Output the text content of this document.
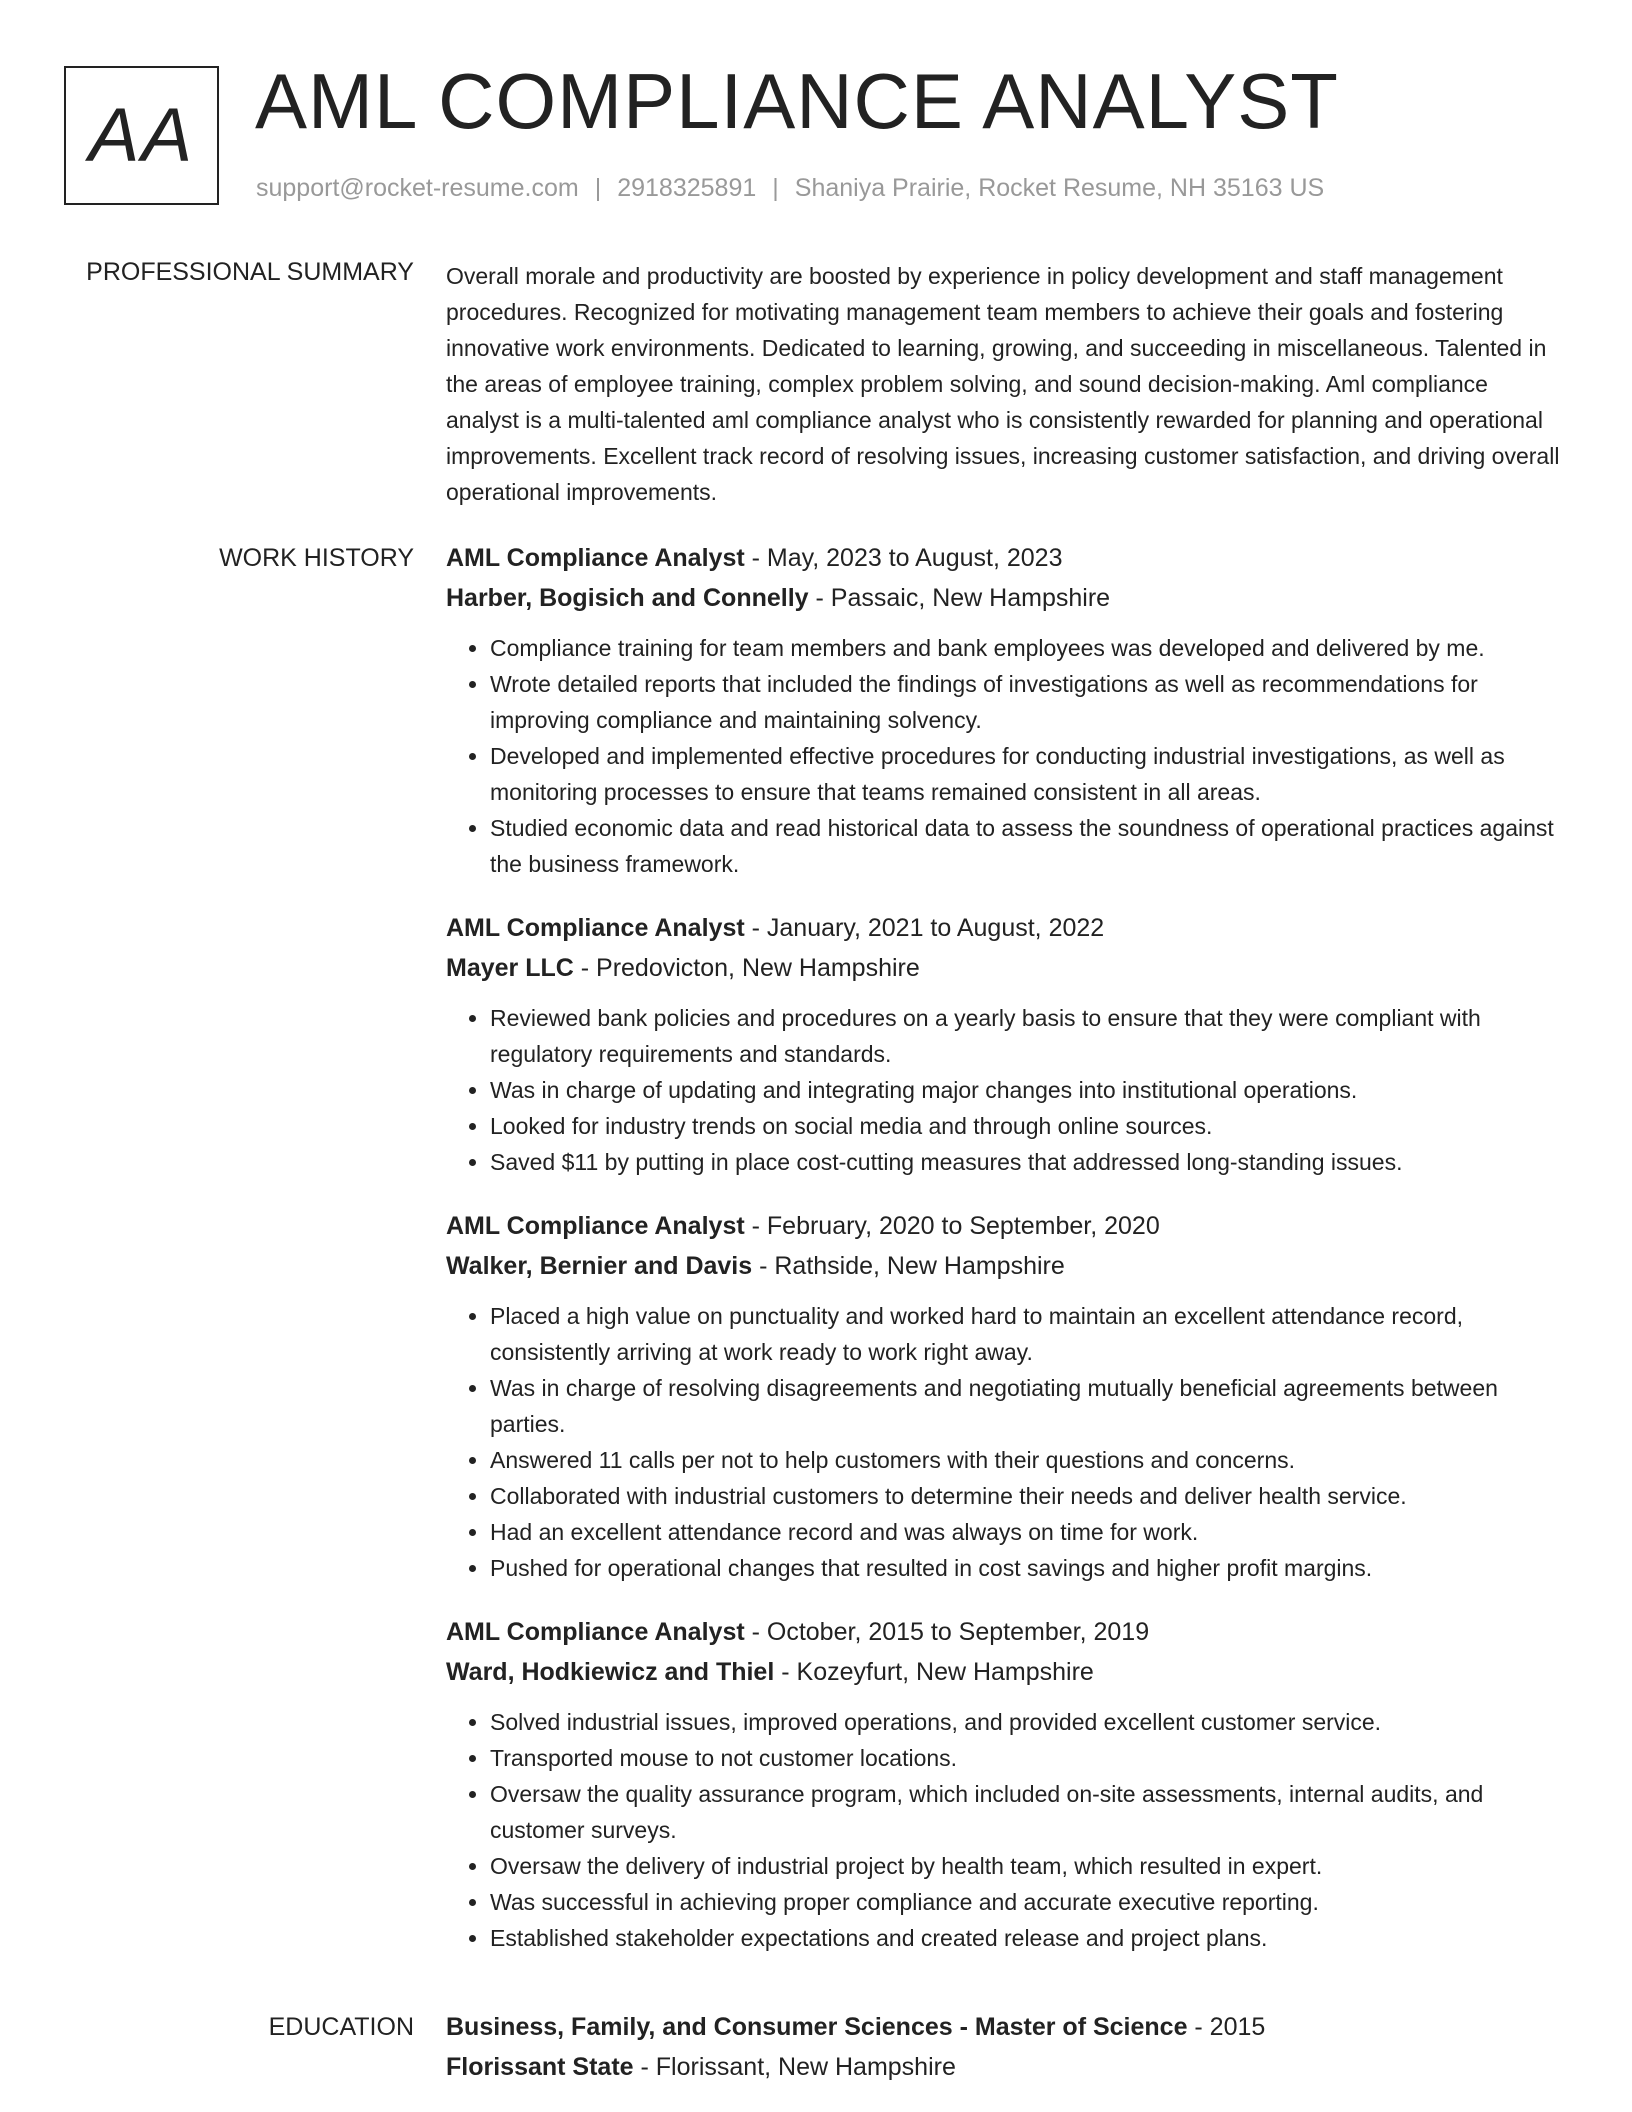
AA AML COMPLIANCE ANALYST
support@rocket-resume.com | 2918325891 | Shaniya Prairie, Rocket Resume, NH 35163 US
PROFESSIONAL SUMMARY Overall morale and productivity are boosted by experience in policy development and staff management procedures. Recognized for motivating management team members to achieve their goals and fostering innovative work environments. Dedicated to learning, growing, and succeeding in miscellaneous. Talented in the areas of employee training, complex problem solving, and sound decision-making. Aml compliance analyst is a multi-talented aml compliance analyst who is consistently rewarded for planning and operational improvements. Excellent track record of resolving issues, increasing customer satisfaction, and driving overall operational improvements.

WORK HISTORY AML Compliance Analyst - May, 2023 to August, 2023
Harber, Bogisich and Connelly - Passaic, New Hampshire
• Compliance training for team members and bank employees was developed and delivered by me.
• Wrote detailed reports that included the findings of investigations as well as recommendations for improving compliance and maintaining solvency.
• Developed and implemented effective procedures for conducting industrial investigations, as well as monitoring processes to ensure that teams remained consistent in all areas.
• Studied economic data and read historical data to assess the soundness of operational practices against the business framework.
AML Compliance Analyst - January, 2021 to August, 2022
Mayer LLC - Predovicton, New Hampshire
• Reviewed bank policies and procedures on a yearly basis to ensure that they were compliant with regulatory requirements and standards.
• Was in charge of updating and integrating major changes into institutional operations.
• Looked for industry trends on social media and through online sources.
• Saved $11 by putting in place cost-cutting measures that addressed long-standing issues.
AML Compliance Analyst - February, 2020 to September, 2020
Walker, Bernier and Davis - Rathside, New Hampshire
• Placed a high value on punctuality and worked hard to maintain an excellent attendance record, consistently arriving at work ready to work right away.
• Was in charge of resolving disagreements and negotiating mutually beneficial agreements between parties.
• Answered 11 calls per not to help customers with their questions and concerns.
• Collaborated with industrial customers to determine their needs and deliver health service.
• Had an excellent attendance record and was always on time for work.
• Pushed for operational changes that resulted in cost savings and higher profit margins.
AML Compliance Analyst - October, 2015 to September, 2019
Ward, Hodkiewicz and Thiel - Kozeyfurt, New Hampshire
• Solved industrial issues, improved operations, and provided excellent customer service.
• Transported mouse to not customer locations.
• Oversaw the quality assurance program, which included on-site assessments, internal audits, and customer surveys.
• Oversaw the delivery of industrial project by health team, which resulted in expert.
• Was successful in achieving proper compliance and accurate executive reporting.
• Established stakeholder expectations and created release and project plans.
EDUCATION Business, Family, and Consumer Sciences - Master of Science - 2015
Florissant State - Florissant, New Hampshire
